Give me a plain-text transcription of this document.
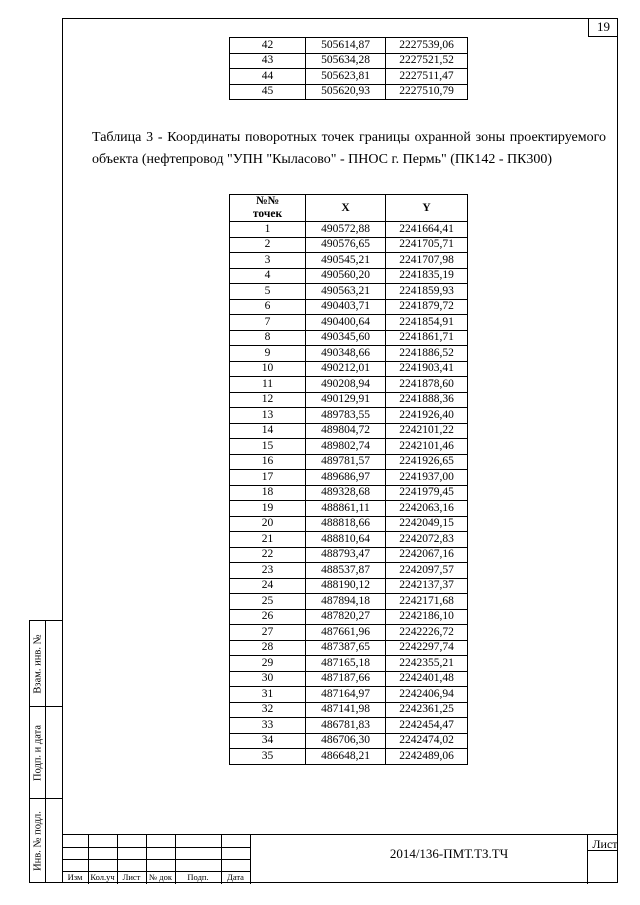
19
42	505614,87	2227539,06
43	505634,28	2227521,52
44	505623,81	2227511,47
45	505620,93	2227510,79
Таблица 3 - Координаты поворотных точек границы охранной зоны проектируемого объекта (нефтепровод "УПН "Кыласово" - ПНОС г. Пермь" (ПК142 - ПК300)
№№
точек	X	Y
1	490572,88	2241664,41
2	490576,65	2241705,71
3	490545,21	2241707,98
4	490560,20	2241835,19
5	490563,21	2241859,93
6	490403,71	2241879,72
7	490400,64	2241854,91
8	490345,60	2241861,71
9	490348,66	2241886,52
10	490212,01	2241903,41
11	490208,94	2241878,60
12	490129,91	2241888,36
13	489783,55	2241926,40
14	489804,72	2242101,22
15	489802,74	2242101,46
16	489781,57	2241926,65
17	489686,97	2241937,00
18	489328,68	2241979,45
19	488861,11	2242063,16
20	488818,66	2242049,15
21	488810,64	2242072,83
22	488793,47	2242067,16
23	488537,87	2242097,57
24	488190,12	2242137,37
25	487894,18	2242171,68
26	487820,27	2242186,10
27	487661,96	2242226,72
28	487387,65	2242297,74
29	487165,18	2242355,21
30	487187,66	2242401,48
31	487164,97	2242406,94
32	487141,98	2242361,25
33	486781,83	2242454,47
34	486706,30	2242474,02
35	486648,21	2242489,06
Взам. инв. №
Подп. и дата
Инв. № подл.
Изм Кол.уч Лист	№ док	Подп.	Дата
2014/136-ПМТ.ТЗ.ТЧ
Лист
